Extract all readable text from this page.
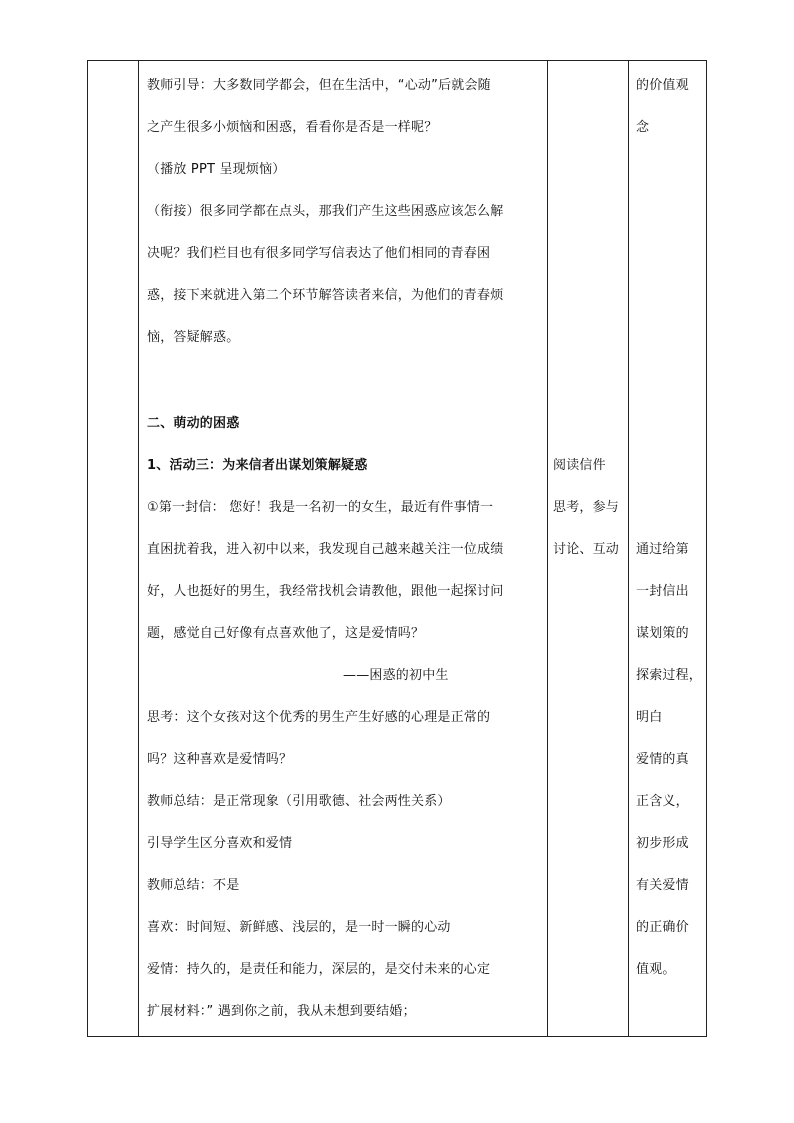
教师引导：大多数同学都会，但在生活中，“心动”后就会随
之产生很多小烦恼和困惑，看看你是否是一样呢？
（播放 PPT 呈现烦恼）
（衔接）很多同学都在点头，那我们产生这些困惑应该怎么解
决呢？我们栏目也有很多同学写信表达了他们相同的青春困
惑，接下来就进入第二个环节解答读者来信，为他们的青春烦
恼，答疑解惑。
二、萌动的困惑
1、活动三：为来信者出谋划策解疑惑
①第一封信： 您好！我是一名初一的女生，最近有件事情一
直困扰着我，进入初中以来，我发现自己越来越关注一位成绩
好，人也挺好的男生，我经常找机会请教他，跟他一起探讨问
题，感觉自己好像有点喜欢他了，这是爱情吗？
——困惑的初中生
思考：这个女孩对这个优秀的男生产生好感的心理是正常的
吗？这种喜欢是爱情吗？
教师总结：是正常现象（引用歌德、社会两性关系）
引导学生区分喜欢和爱情
教师总结：不是
喜欢：时间短、新鲜感、浅层的，是一时一瞬的心动
爱情：持久的，是责任和能力，深层的，是交付未来的心定
扩展材料：” 遇到你之前，我从未想到要结婚；
阅读信件
思考，参与
讨论、互动
的价值观
念
通过给第
一封信出
谋划策的
探索过程，
明白
爱情的真
正含义，
初步形成
有关爱情
的正确价
值观。
